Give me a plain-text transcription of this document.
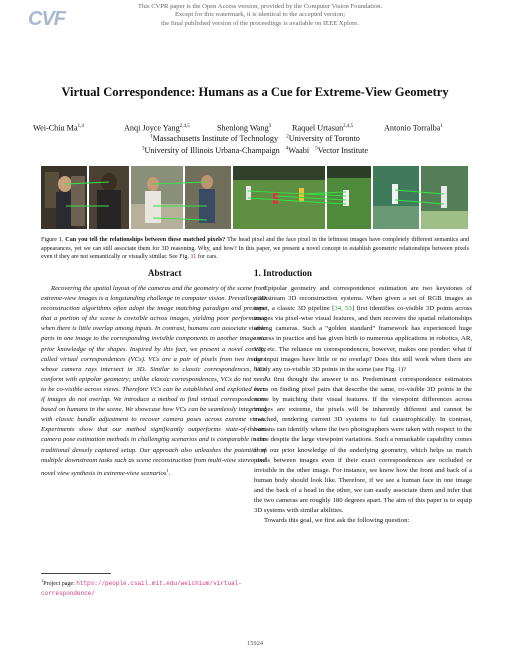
CVF
This CVPR paper is the Open Access version, provided by the Computer Vision Foundation.
Except for this watermark, it is identical to the accepted version;
the final published version of the proceedings is available on IEEE Xplore.
Virtual Correspondence: Humans as a Cue for Extreme-View Geometry
Wei-Chiu Ma$^{1,4}$	Anqi Joyce Yang$^{2,4,5}$	Shenlong Wang$^3$	Raquel Urtasun$^{2,4,5}$	Antonio Torralba$^1$
$^1$Massachusetts Institute of Technology $^2$University of Toronto
$^3$University of Illinois Urbana-Champaign $^4$Waabi $^5$Vector Institute
Figure 1. Can you tell the relationships between these matched pixels? The head pixel and the face pixel in the leftmost images have completely different semantics and appearances, yet we can still associate them for 3D reasoning. Why, and how? In this paper, we present a novel concept to establish geometric relationships between pixels even if they are not semantically or visually similar. See Fig. 11 for cars.
Abstract
Recovering the spatial layout of the cameras and the geometry of the scene from extreme-view images is a longstanding challenge in computer vision. Prevailing 3D reconstruction algorithms often adopt the image matching paradigm and presume that a portion of the scene is covisible across images, yielding poor performance when there is little overlap among inputs. In contrast, humans can associate visible parts in one image to the corresponding invisible components in another image via prior knowledge of the shapes. Inspired by this fact, we present a novel concept called virtual correspondences (VCs). VCs are a pair of pixels from two images whose camera rays intersect in 3D. Similar to classic correspondences, VCs conform with epipolar geometry; unlike classic correspondences, VCs do not need to be co-visible across views. Therefore VCs can be established and exploited even if images do not overlap. We introduce a method to find virtual correspondences based on humans in the scene. We showcase how VCs can be seamlessly integrated with classic bundle adjustment to recover camera poses across extreme views. Experiments show that our method significantly outperforms state-of-the-art camera pose estimation methods in challenging scenarios and is comparable in the traditional densely captured setup. Our approach also unleashes the potential of multiple downstream tasks such as scene reconstruction from multi-view stereo and novel view synthesis in extreme-view scenarios$^1$.
1. Introduction

Epipolar geometry and correspondence estimation are two keystones of mainstream 3D reconstruction systems. When given a set of RGB images as input, a classic 3D pipeline [34, 53] first identifies co-visible 3D points across images via pixel-wise visual features, and then recovers the spatial relationships among cameras. Such a “golden standard” framework has experienced huge success in practice and has given birth to numerous applications in robotics, AR, VR, etc. The reliance on correspondences, however, makes one ponder: what if the input images have little or no overlap? Does this still work when there are barely any co-visible 3D points in the scene (see Fig. 1)?

At first thought the answer is no. Predominant correspondence estimators focus on finding pixel pairs that describe the same, co-visible 3D points in the scene by matching their visual features. If the viewpoint differences across images are extreme, the pixels will be inherently different and cannot be matched, rendering current 3D systems to fail catastrophically. In contrast, humans can identify where the two photographers were taken with respect to the scene despite the large viewpoint variations. Such a remarkable capability comes from our prior knowledge of the underlying geometry, which helps us match pixels between images even if their exact correspondences are occluded or invisible in the other image. For instance, we know how the front and back of a human body should look like. Therefore, if we see a human face in one image and the back of a head in the other, we can easily associate them and infer that the two cameras are roughly 180 degrees apart. The aim of this paper is to equip 3D systems with similar abilities.

Towards this goal, we first ask the following question:

$^1$Project page: https://people.csail.mit.edu/weichium/virtual-correspondence/
15924
